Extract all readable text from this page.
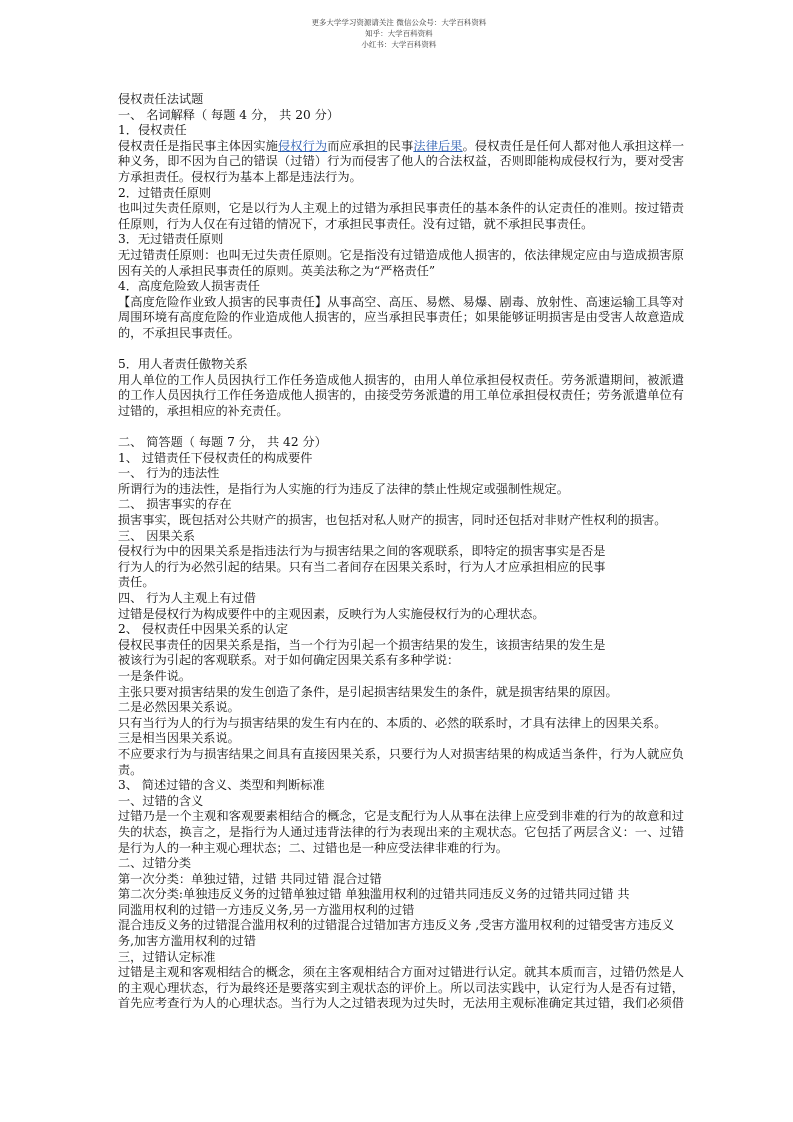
更多大学学习资源请关注 微信公众号：大学百科资料
知乎：大学百科资料
小红书：大学百科资料

侵权责任法试题
一、 名词解释（ 每题 4 分， 共 20 分）
1．侵权责任
侵权责任是指民事主体因实施侵权行为而应承担的民事法律后果。侵权责任是任何人都对他人承担这样一
种义务，即不因为自己的错误（过错）行为而侵害了他人的合法权益，否则即能构成侵权行为，要对受害
方承担责任。侵权行为基本上都是违法行为。
2．过错责任原则
也叫过失责任原则，它是以行为人主观上的过错为承担民事责任的基本条件的认定责任的准则。按过错责
任原则，行为人仅在有过错的情况下，才承担民事责任。没有过错，就不承担民事责任。
3．无过错责任原则
无过错责任原则：也叫无过失责任原则。它是指没有过错造成他人损害的，依法律规定应由与造成损害原
因有关的人承担民事责任的原则。英美法称之为“严格责任”
4．高度危险致人损害责任
【高度危险作业致人损害的民事责任】从事高空、高压、易燃、易爆、剧毒、放射性、高速运输工具等对
周围环境有高度危险的作业造成他人损害的，应当承担民事责任；如果能够证明损害是由受害人故意造成
的，不承担民事责任。
5．用人者责任傲物关系
用人单位的工作人员因执行工作任务造成他人损害的，由用人单位承担侵权责任。劳务派遣期间，被派遣
的工作人员因执行工作任务造成他人损害的，由接受劳务派遣的用工单位承担侵权责任；劳务派遣单位有
过错的，承担相应的补充责任。
二、 简答题（ 每题 7 分， 共 42 分）
1、 过错责任下侵权责任的构成要件
一、 行为的违法性
所谓行为的违法性，是指行为人实施的行为违反了法律的禁止性规定或强制性规定。
二、 损害事实的存在
损害事实，既包括对公共财产的损害，也包括对私人财产的损害，同时还包括对非财产性权利的损害。
三、 因果关系
侵权行为中的因果关系是指违法行为与损害结果之间的客观联系，即特定的损害事实是否是
行为人的行为必然引起的结果。只有当二者间存在因果关系时，行为人才应承担相应的民事
责任。
四、 行为人主观上有过借
过错是侵权行为构成要件中的主观因素，反映行为人实施侵权行为的心理状态。
2、 侵权责任中因果关系的认定
侵权民事责任的因果关系是指，当一个行为引起一个损害结果的发生，该损害结果的发生是
被该行为引起的客观联系。对于如何确定因果关系有多种学说：
一是条件说。
主张只要对损害结果的发生创造了条件，是引起损害结果发生的条件，就是损害结果的原因。
二是必然因果关系说。
只有当行为人的行为与损害结果的发生有内在的、本质的、必然的联系时，才具有法律上的因果关系。
三是相当因果关系说。
不应要求行为与损害结果之间具有直接因果关系，只要行为人对损害结果的构成适当条件，行为人就应负
责。
3、 简述过错的含义、类型和判断标准
一、过错的含义
过错乃是一个主观和客观要素相结合的概念，它是支配行为人从事在法律上应受到非难的行为的故意和过
失的状态，换言之，是指行为人通过违背法律的行为表现出来的主观状态。它包括了两层含义：一、过错
是行为人的一种主观心理状态；二、过错也是一种应受法律非难的行为。
二、过错分类
第一次分类：单独过错，过错 共同过错 混合过错
第二次分类:单独违反义务的过错单独过错 单独滥用权利的过错共同违反义务的过错共同过错 共
同滥用权利的过错一方违反义务,另一方滥用权利的过错
混合违反义务的过错混合滥用权利的过错混合过错加害方违反义务 ,受害方滥用权利的过错受害方违反义
务,加害方滥用权利的过错
三，过错认定标准
过错是主观和客观相结合的概念，须在主客观相结合方面对过错进行认定。就其本质而言，过错仍然是人
的主观心理状态，行为最终还是要落实到主观状态的评价上。所以司法实践中，认定行为人是否有过错，
首先应考查行为人的心理状态。当行为人之过错表现为过失时，无法用主观标准确定其过错，我们必须借
